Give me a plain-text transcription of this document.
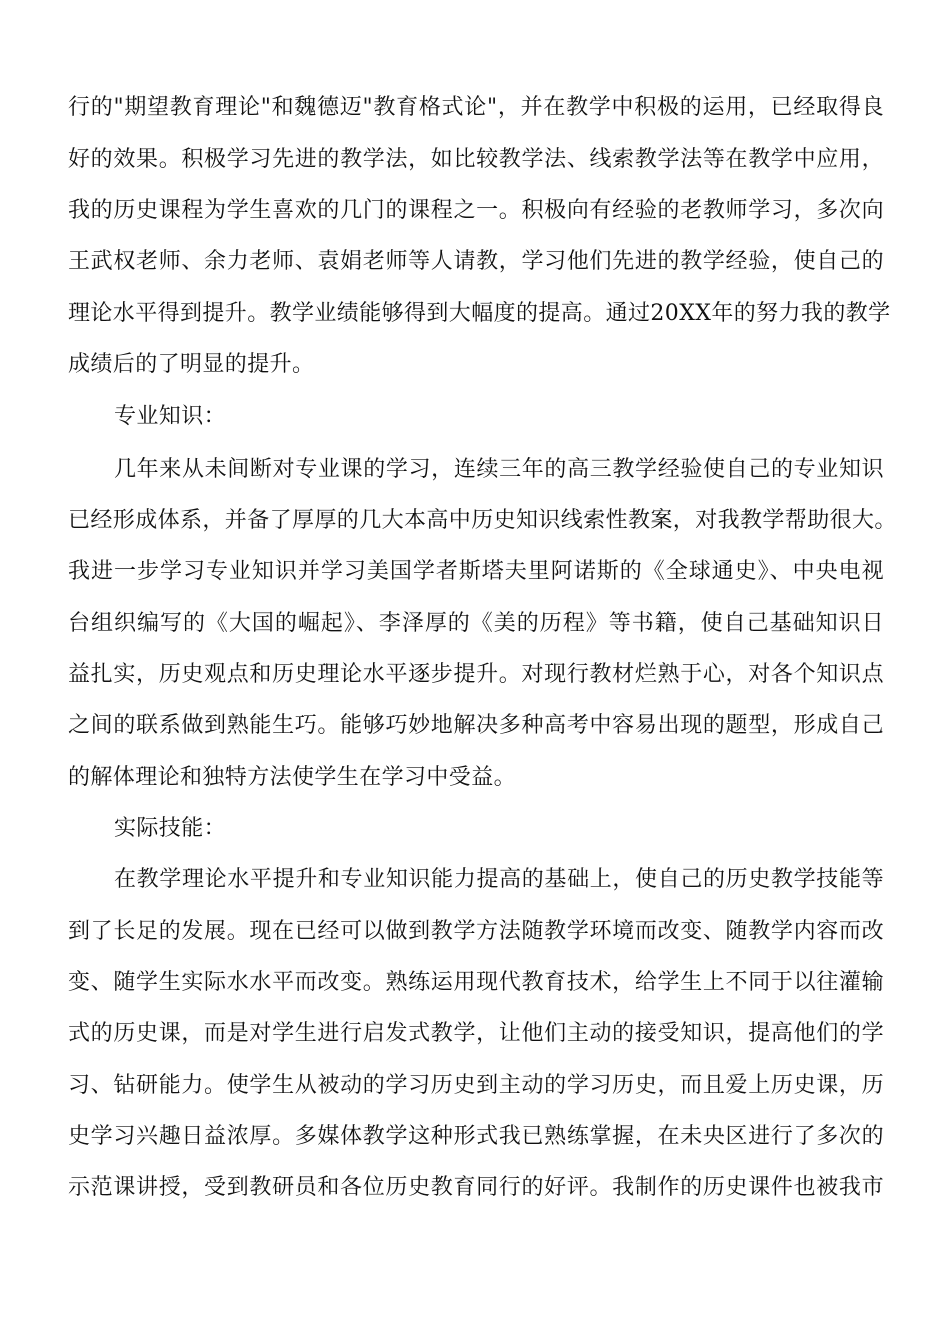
行的"期望教育理论"和魏德迈"教育格式论"，并在教学中积极的运用，已经取得良
好的效果。积极学习先进的教学法，如比较教学法、线索教学法等在教学中应用，
我的历史课程为学生喜欢的几门的课程之一。积极向有经验的老教师学习，多次向
王武权老师、余力老师、袁娟老师等人请教，学习他们先进的教学经验，使自己的
理论水平得到提升。教学业绩能够得到大幅度的提高。通过20XX年的努力我的教学
成绩后的了明显的提升。
专业知识：
几年来从未间断对专业课的学习，连续三年的高三教学经验使自己的专业知识
已经形成体系，并备了厚厚的几大本高中历史知识线索性教案，对我教学帮助很大。
我进一步学习专业知识并学习美国学者斯塔夫里阿诺斯的《全球通史》、中央电视
台组织编写的《大国的崛起》、李泽厚的《美的历程》等书籍，使自己基础知识日
益扎实，历史观点和历史理论水平逐步提升。对现行教材烂熟于心，对各个知识点
之间的联系做到熟能生巧。能够巧妙地解决多种高考中容易出现的题型，形成自己
的解体理论和独特方法使学生在学习中受益。
实际技能：
在教学理论水平提升和专业知识能力提高的基础上，使自己的历史教学技能等
到了长足的发展。现在已经可以做到教学方法随教学环境而改变、随教学内容而改
变、随学生实际水水平而改变。熟练运用现代教育技术，给学生上不同于以往灌输
式的历史课，而是对学生进行启发式教学，让他们主动的接受知识，提高他们的学
习、钻研能力。使学生从被动的学习历史到主动的学习历史，而且爱上历史课，历
史学习兴趣日益浓厚。多媒体教学这种形式我已熟练掌握，在未央区进行了多次的
示范课讲授，受到教研员和各位历史教育同行的好评。我制作的历史课件也被我市
